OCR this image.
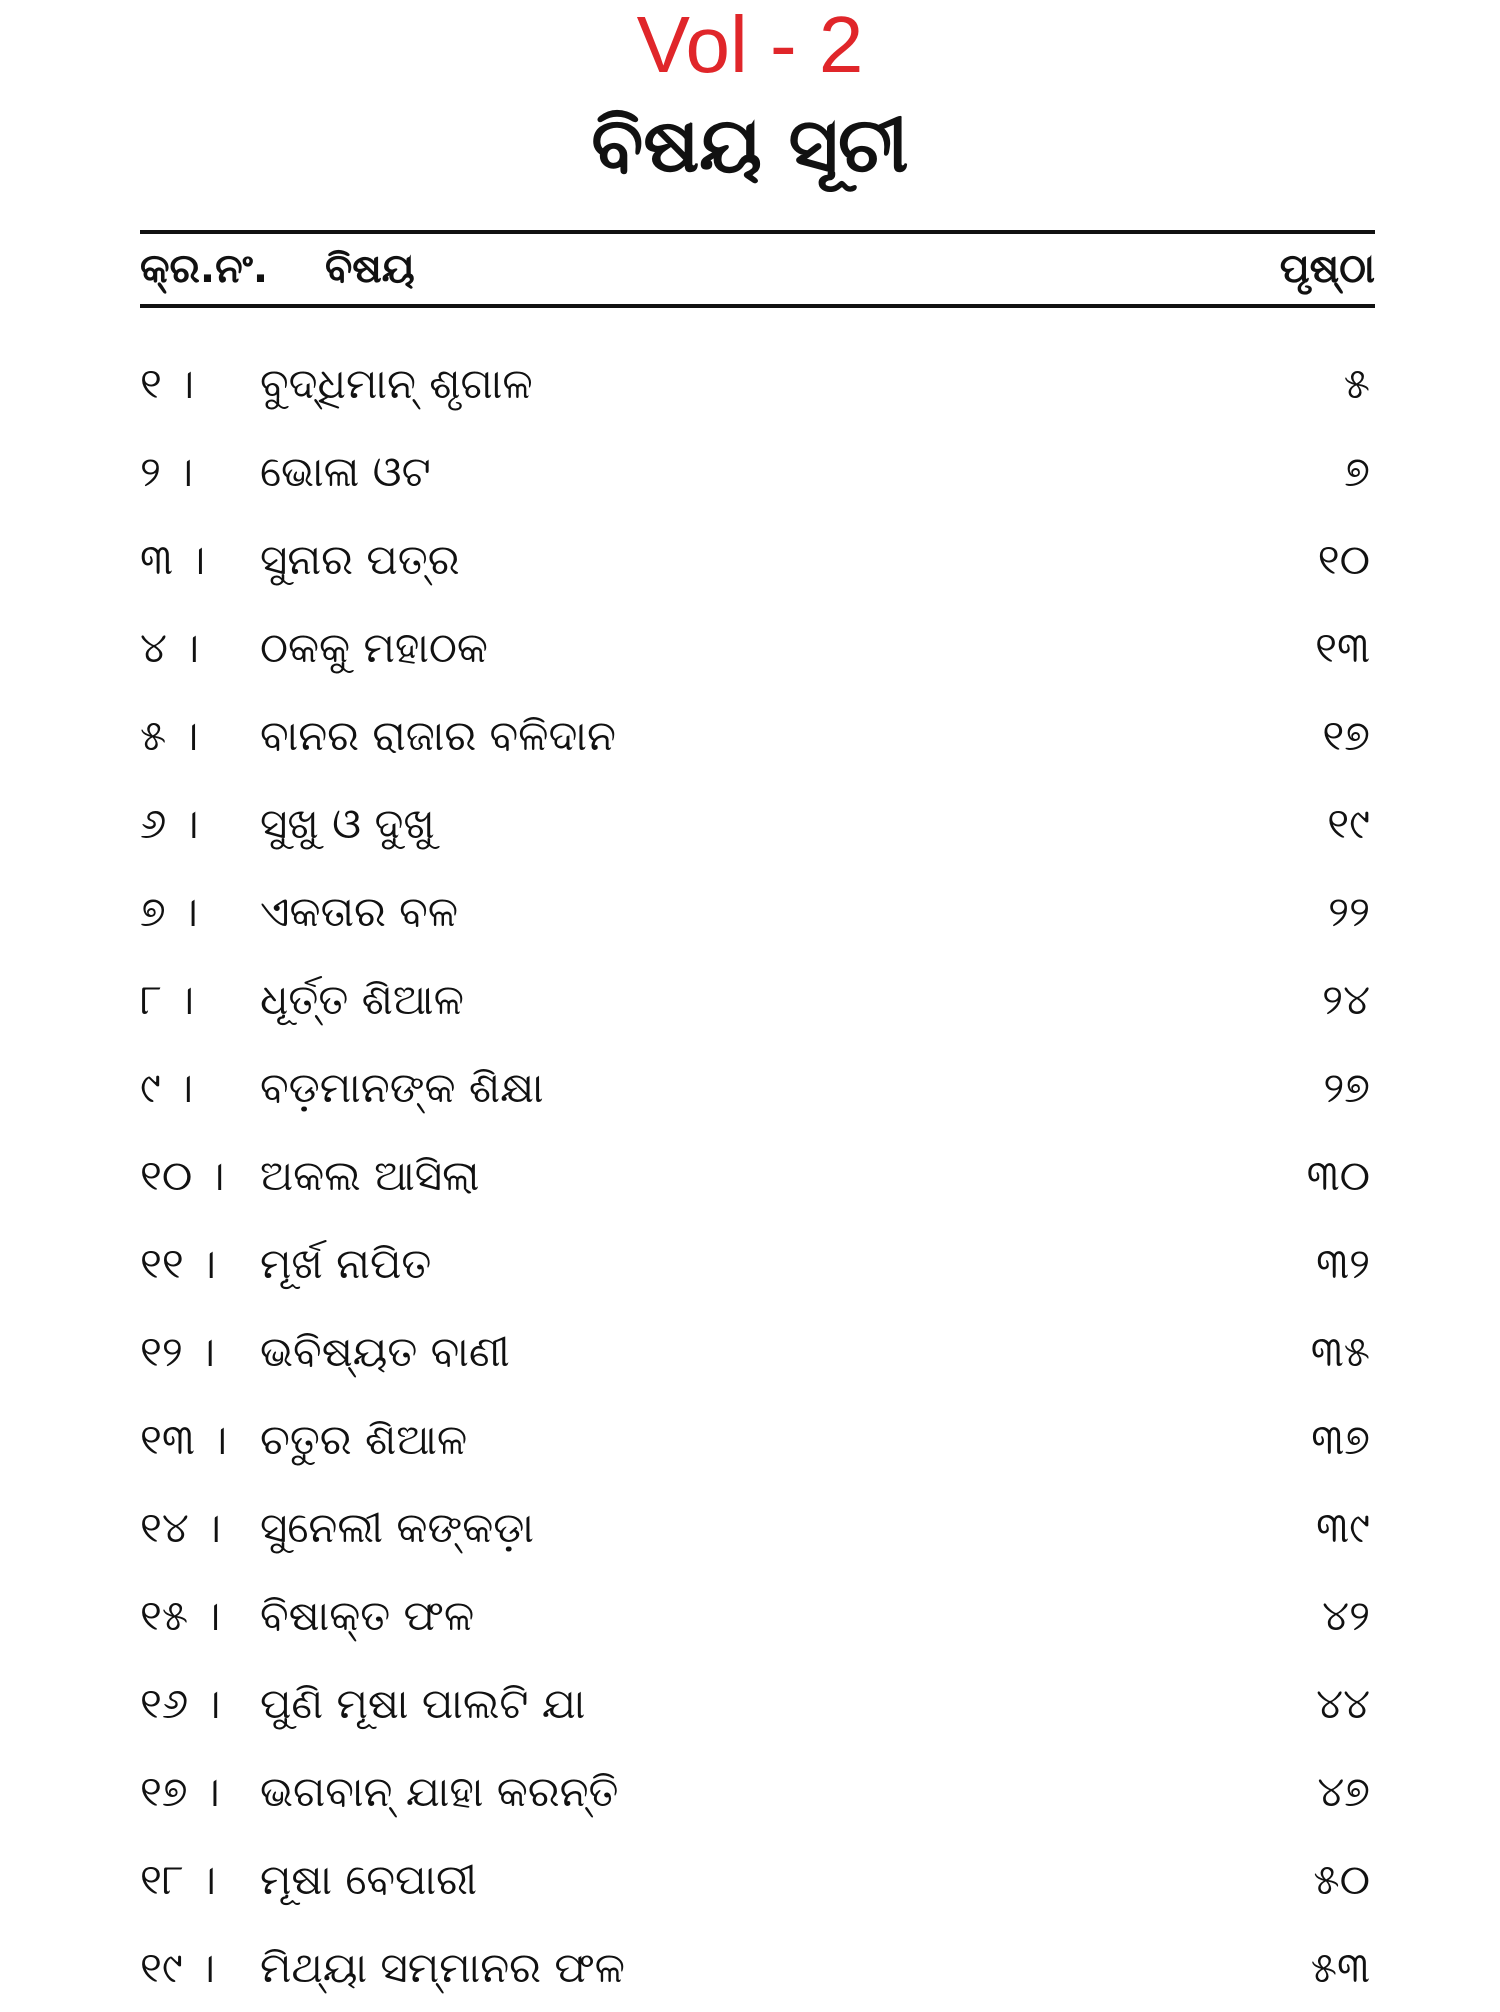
Vol - 2
ବିଷୟ ସୂଚୀ
କ୍ର.ନଂ. ବିଷୟ	ପୃଷ୍ଠା
୧ ।	ବୁଦ୍ଧିମାନ୍ ଶୃଗାଳ	୫
୨ ।	ଭୋଳା ଓଟ	୭
୩ ।	ସୁନାର ପତ୍ର	୧୦
୪ ।	ଠକକୁ ମହାଠକ	୧୩
୫ ।	ବାନର ରାଜାର ବଳିଦାନ	୧୭
୬ ।	ସୁଖୁ ଓ ଦୁଖୁ	୧୯
୭ ।	ଏକତାର ବଳ	୨୨
୮ ।	ଧୂର୍ତ୍ତ ଶିଆଳ	୨୪
୯ ।	ବଡ଼ମାନଙ୍କ ଶିକ୍ଷା	୨୭
୧୦ । ଅକଲ ଆସିଲା	୩୦
୧୧ ।	ମୂର୍ଖ ନାପିତ	୩୨
୧୨ ।	ଭବିଷ୍ୟତ ବାଣୀ	୩୫
୧୩ । ଚତୁର ଶିଆଳ	୩୭
୧୪ । ସୁନେଲୀ କଙ୍କଡ଼ା	୩୯
୧୫ । ବିଷାକ୍ତ ଫଳ	୪୨
୧୬ । ପୁଣି ମୂଷା ପାଲଟି ଯା	୪୪
୧୭ । ଭଗବାନ୍ ଯାହା କରନ୍ତି	୪୭
୧୮ ।	ମୂଷା ବେପାରୀ	୫୦
୧୯ ।	ମିଥ୍ୟା ସମ୍ମାନର ଫଳ	୫୩
